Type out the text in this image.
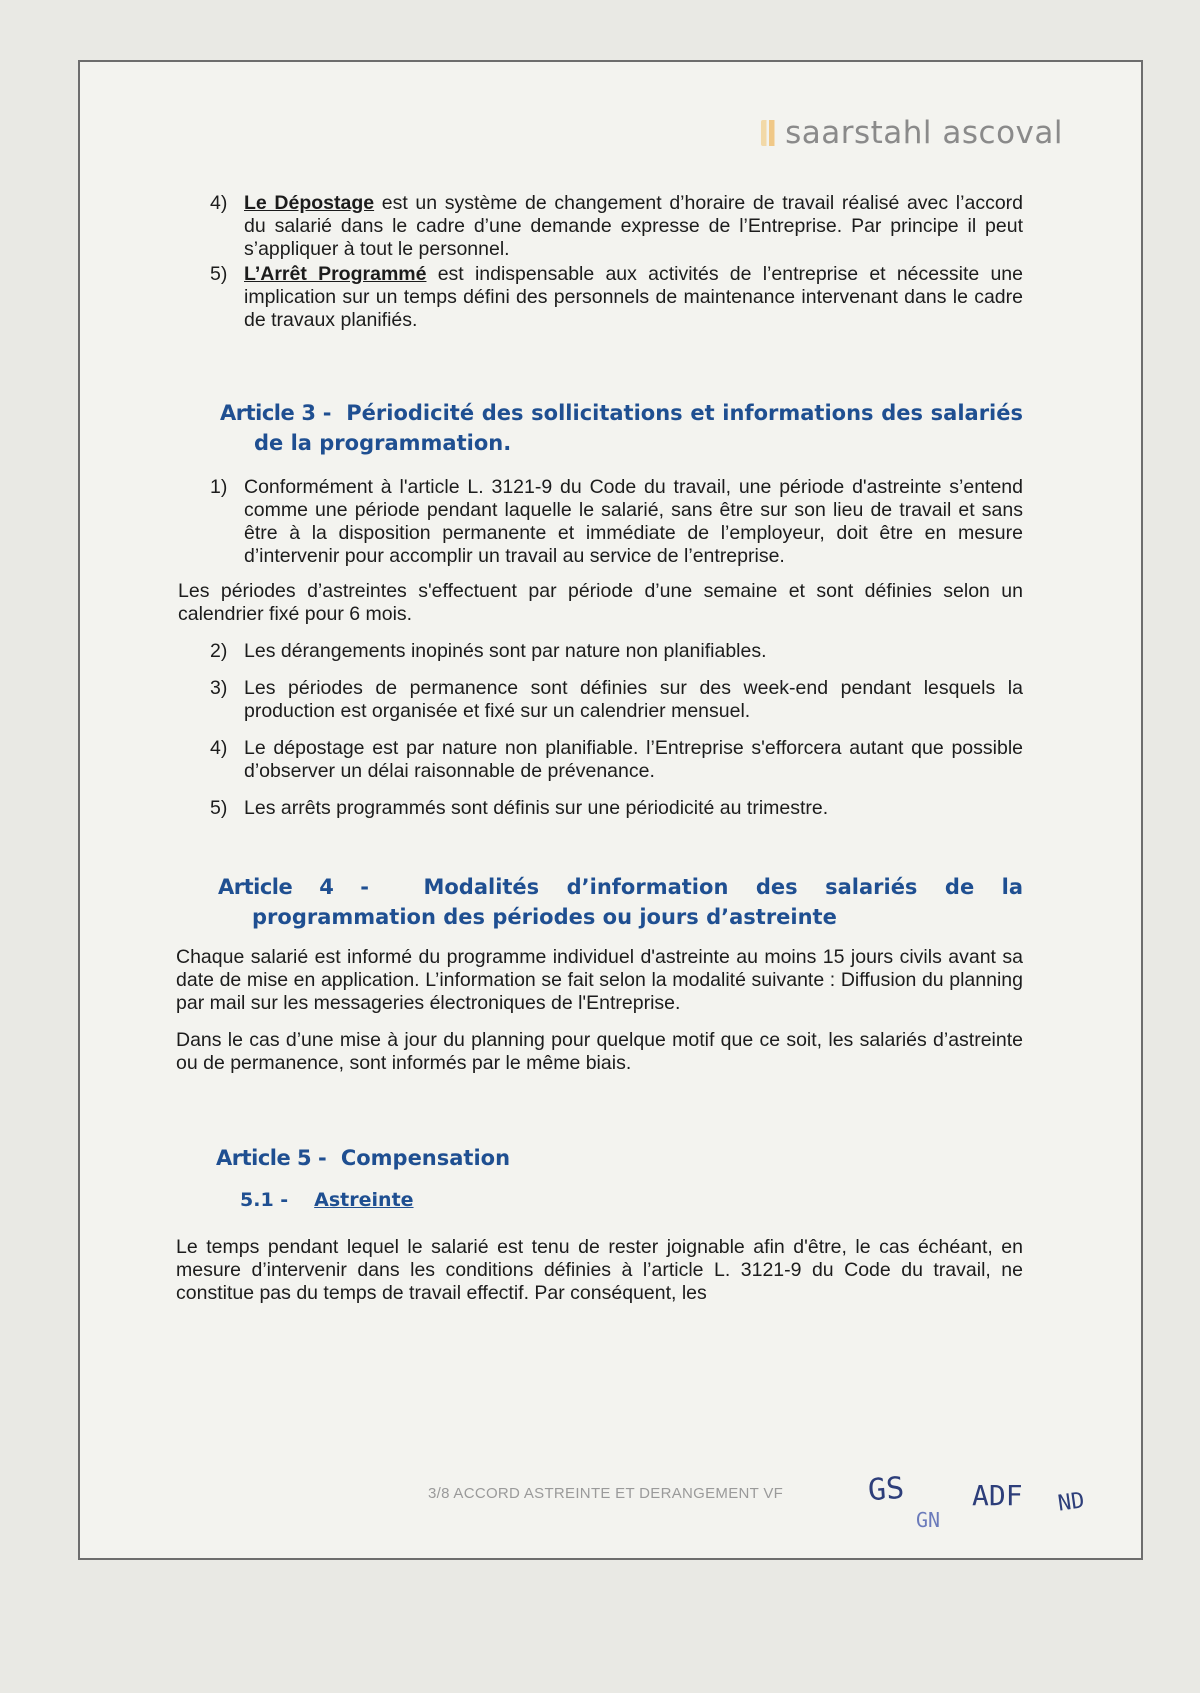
saarstahl ascoval
4) Le Dépostage est un système de changement d’horaire de travail réalisé avec l’accord du salarié dans le cadre d’une demande expresse de l’Entreprise. Par principe il peut s’appliquer à tout le personnel.
5) L’Arrêt Programmé est indispensable aux activités de l’entreprise et nécessite une implication sur un temps défini des personnels de maintenance intervenant dans le cadre de travaux planifiés.
Article 3 - Périodicité des sollicitations et informations des salariés de la programmation.
1) Conformément à l'article L. 3121-9 du Code du travail, une période d'astreinte s’entend comme une période pendant laquelle le salarié, sans être sur son lieu de travail et sans être à la disposition permanente et immédiate de l’employeur, doit être en mesure d’intervenir pour accomplir un travail au service de l’entreprise.

Les périodes d’astreintes s'effectuent par période d’une semaine et sont définies selon un calendrier fixé pour 6 mois.

2) Les dérangements inopinés sont par nature non planifiables.
3) Les périodes de permanence sont définies sur des week-end pendant lesquels la production est organisée et fixé sur un calendrier mensuel.
4) Le dépostage est par nature non planifiable. l’Entreprise s'efforcera autant que possible d’observer un délai raisonnable de prévenance.
5) Les arrêts programmés sont définis sur une périodicité au trimestre.
Article 4 -	Modalités d’information des salariés de la programmation des périodes ou jours d’astreinte

Chaque salarié est informé du programme individuel d'astreinte au moins 15 jours civils avant sa date de mise en application. L’information se fait selon la modalité suivante : Diffusion du planning par mail sur les messageries électroniques de l'Entreprise.

Dans le cas d’une mise à jour du planning pour quelque motif que ce soit, les salariés d’astreinte ou de permanence, sont informés par le même biais.

Article 5 - Compensation
5.1 - Astreinte

Le temps pendant lequel le salarié est tenu de rester joignable afin d'être, le cas échéant, en mesure d’intervenir dans les conditions définies à l’article L. 3121-9 du Code du travail, ne constitue pas du temps de travail effectif. Par conséquent, les

3/8 ACCORD ASTREINTE ET DERANGEMENT VF	GS
GN
ADF ND
